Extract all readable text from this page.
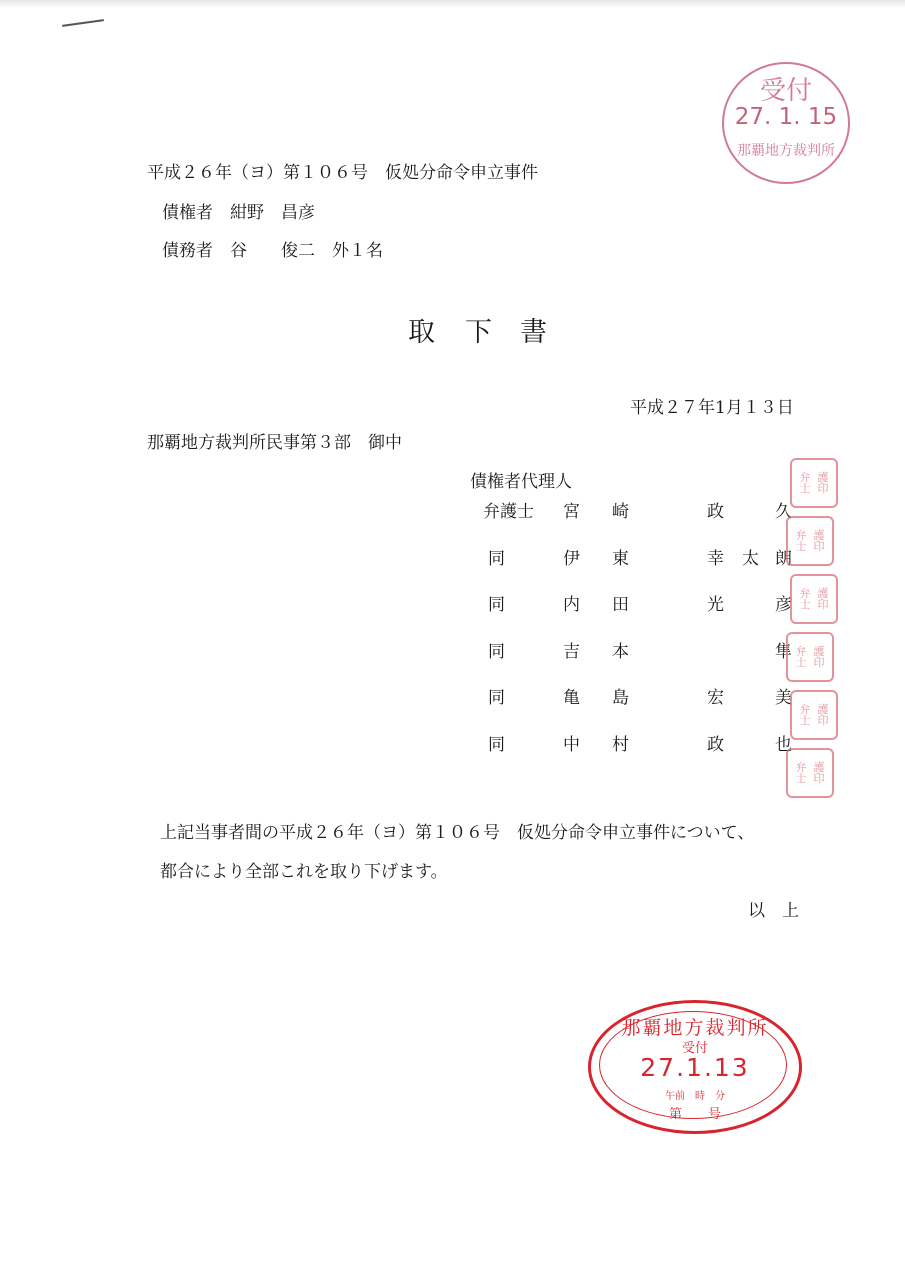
平成２６年（ヨ）第１０６号　仮処分命令申立事件
債権者　紺野　昌彦
債務者　谷　　俊二　外１名
取 下 書
平成２７年1月１３日
那覇地方裁判所民事第３部　御中
債権者代理人
弁護士 宮 崎	政	久
同	伊 東	幸 太 朗
同	内 田	光	彦
同	吉 本	隼
同	亀 島	宏	美
同	中 村	政	也
上記当事者間の平成２６年（ヨ）第１０６号　仮処分命令申立事件について、
都合により全部これを取り下げます。
以　上
受付
27. 1. 15
那覇地方裁判所
弁 護
士 印
弁 護
士 印
弁 護
士 印
弁 護
士 印
弁 護
士 印
弁 護
士 印
那覇地方裁判所
受付
27.1.13
午前　時　分
第　　号
